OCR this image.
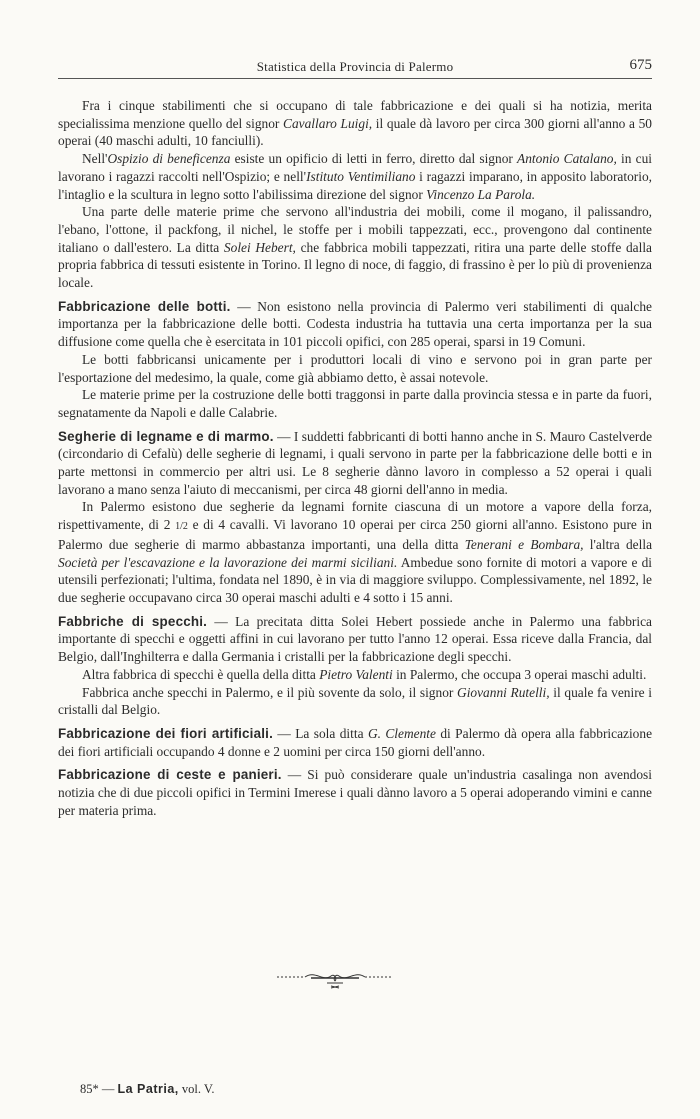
Statistica della Provincia di Palermo	675

Fra i cinque stabilimenti che si occupano di tale fabbricazione e dei quali si ha notizia, merita specialissima menzione quello del signor Cavallaro Luigi, il quale dà lavoro per circa 300 giorni all'anno a 50 operai (40 maschi adulti, 10 fanciulli).

Nell'Ospizio di beneficenza esiste un opificio di letti in ferro, diretto dal signor Antonio Catalano, in cui lavorano i ragazzi raccolti nell'Ospizio; e nell'Istituto Ventimiliano i ragazzi imparano, in apposito laboratorio, l'intaglio e la scultura in legno sotto l'abilissima direzione del signor Vincenzo La Parola.

Una parte delle materie prime che servono all'industria dei mobili, come il mogano, il palissandro, l'ebano, l'ottone, il packfong, il nichel, le stoffe per i mobili tappezzati, ecc., provengono dal continente italiano o dall'estero. La ditta Solei Hebert, che fabbrica mobili tappezzati, ritira una parte delle stoffe dalla propria fabbrica di tessuti esistente in Torino. Il legno di noce, di faggio, di frassino è per lo più di provenienza locale.

Fabbricazione delle botti. — Non esistono nella provincia di Palermo veri stabilimenti di qualche importanza per la fabbricazione delle botti. Codesta industria ha tuttavia una certa importanza per la sua diffusione come quella che è esercitata in 101 piccoli opifici, con 285 operai, sparsi in 19 Comuni.

Le botti fabbricansi unicamente per i produttori locali di vino e servono poi in gran parte per l'esportazione del medesimo, la quale, come già abbiamo detto, è assai notevole.

Le materie prime per la costruzione delle botti traggonsi in parte dalla provincia stessa e in parte da fuori, segnatamente da Napoli e dalle Calabrie.

Segherie di legname e di marmo. — I suddetti fabbricanti di botti hanno anche in S. Mauro Castelverde (circondario di Cefalù) delle segherie di legnami, i quali servono in parte per la fabbricazione delle botti e in parte mettonsi in commercio per altri usi. Le 8 segherie dànno lavoro in complesso a 52 operai i quali lavorano a mano senza l'aiuto di meccanismi, per circa 48 giorni dell'anno in media.

In Palermo esistono due segherie da legnami fornite ciascuna di un motore a vapore della forza, rispettivamente, di 2 1/2 e di 4 cavalli. Vi lavorano 10 operai per circa 250 giorni all'anno. Esistono pure in Palermo due segherie di marmo abbastanza importanti, una della ditta Tenerani e Bombara, l'altra della Società per l'escavazione e la lavorazione dei marmi siciliani. Ambedue sono fornite di motori a vapore e di utensili perfezionati; l'ultima, fondata nel 1890, è in via di maggiore sviluppo. Complessivamente, nel 1892, le due segherie occupavano circa 30 operai maschi adulti e 4 sotto i 15 anni.

Fabbriche di specchi. — La precitata ditta Solei Hebert possiede anche in Palermo una fabbrica importante di specchi e oggetti affini in cui lavorano per tutto l'anno 12 operai. Essa riceve dalla Francia, dal Belgio, dall'Inghilterra e dalla Germania i cristalli per la fabbricazione degli specchi.

Altra fabbrica di specchi è quella della ditta Pietro Valenti in Palermo, che occupa 3 operai maschi adulti.

Fabbrica anche specchi in Palermo, e il più sovente da solo, il signor Giovanni Rutelli, il quale fa venire i cristalli dal Belgio.

Fabbricazione dei fiori artificiali. — La sola ditta G. Clemente di Palermo dà opera alla fabbricazione dei fiori artificiali occupando 4 donne e 2 uomini per circa 150 giorni dell'anno.

Fabbricazione di ceste e panieri. — Si può considerare quale un'industria casalinga non avendosi notizia che di due piccoli opifici in Termini Imerese i quali dànno lavoro a 5 operai adoperando vimini e canne per materia prima.

85* — La Patria, vol. V.
